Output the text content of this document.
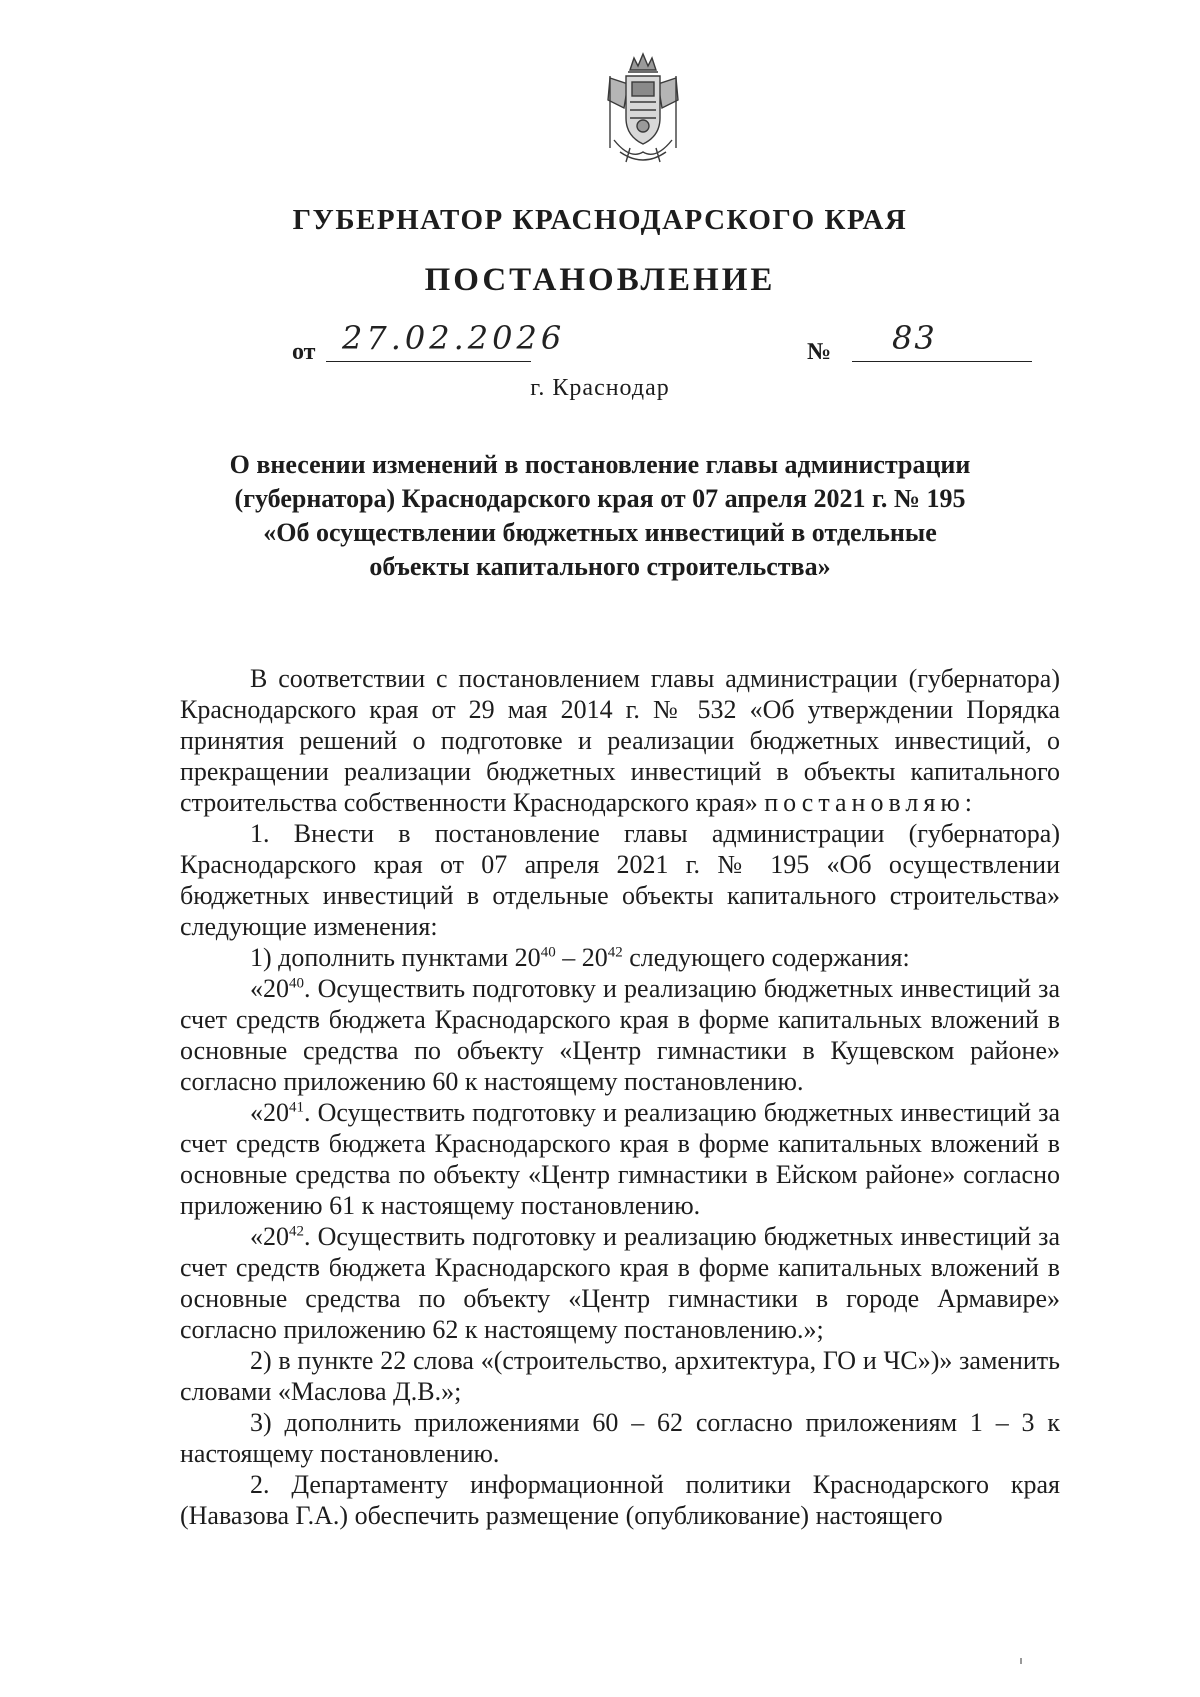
ГУБЕРНАТОР КРАСНОДАРСКОГО КРАЯ
ПОСТАНОВЛЕНИЕ
от 27.02.2026	№ 83
г. Краснодар
О внесении изменений в постановление главы администрации
(губернатора) Краснодарского края от 07 апреля 2021 г. № 195
«Об осуществлении бюджетных инвестиций в отдельные
объекты капитального строительства»

В соответствии с постановлением главы администрации (губернатора) Краснодарского края от 29 мая 2014 г. № 532 «Об утверждении Порядка принятия решений о подготовке и реализации бюджетных инвестиций, о прекращении реализации бюджетных инвестиций в объекты капитального строительства собственности Краснодарского края» постановляю:

1. Внести в постановление главы администрации (губернатора) Краснодарского края от 07 апреля 2021 г. № 195 «Об осуществлении бюджетных инвестиций в отдельные объекты капитального строительства» следующие изменения:

1) дополнить пунктами $20^{40} - 20^{42}$ следующего содержания:

«$20^{40}$. Осуществить подготовку и реализацию бюджетных инвестиций за счет средств бюджета Краснодарского края в форме капитальных вложений в основные средства по объекту «Центр гимнастики в Кущевском районе» согласно приложению 60 к настоящему постановлению.

«$20^{41}$. Осуществить подготовку и реализацию бюджетных инвестиций за счет средств бюджета Краснодарского края в форме капитальных вложений в основные средства по объекту «Центр гимнастики в Ейском районе» согласно приложению 61 к настоящему постановлению.

«$20^{42}$. Осуществить подготовку и реализацию бюджетных инвестиций за счет средств бюджета Краснодарского края в форме капитальных вложений в основные средства по объекту «Центр гимнастики в городе Армавире» согласно приложению 62 к настоящему постановлению.»;

2) в пункте 22 слова «(строительство, архитектура, ГО и ЧС»)» заменить словами «Маслова Д.В.»;

3) дополнить приложениями 60 – 62 согласно приложениям 1 – 3 к настоящему постановлению.

2. Департаменту информационной политики Краснодарского края (Навазова Г.А.) обеспечить размещение (опубликование) настоящего
